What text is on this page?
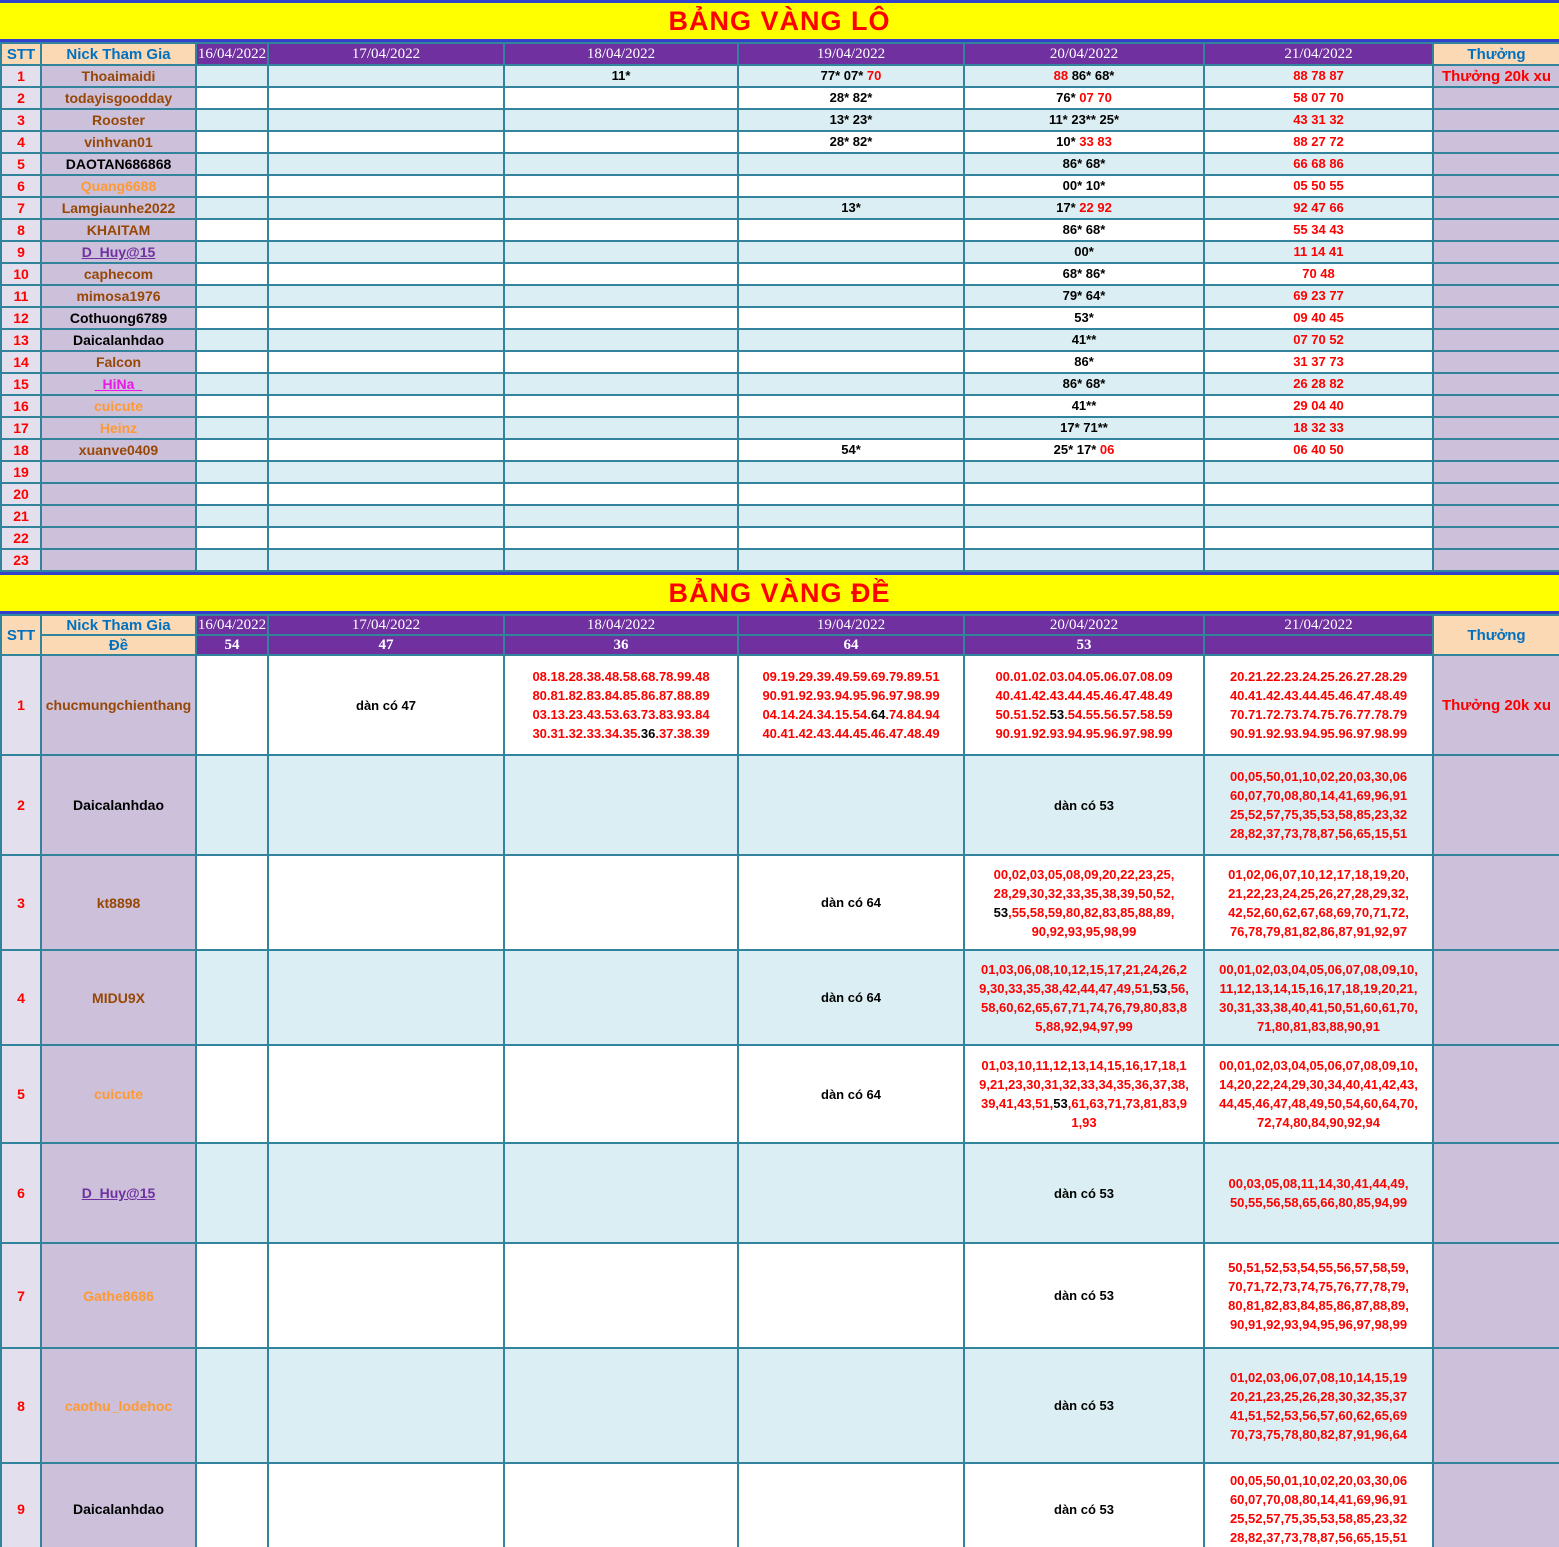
BẢNG VÀNG LÔ
STT	Nick Tham Gia	16/04/2022	17/04/2022	18/04/2022	19/04/2022	20/04/2022	21/04/2022	Thưởng
1	Thoaimaidi			11*	77* 07* 70	88 86* 68*	88 78 87	Thưởng 20k xu
2	todayisgoodday				28* 82*	76* 07 70	58 07 70	
3	Rooster				13* 23*	11* 23** 25*	43 31 32	
4	vinhvan01				28* 82*	10* 33 83	88 27 72	
5	DAOTAN686868					86* 68*	66 68 86	
6	Quang6688					00* 10*	05 50 55	
7	Lamgiaunhe2022				13*	17* 22 92	92 47 66	
8	KHAITAM					86* 68*	55 34 43	
9	D_Huy@15					00*	11 14 41	
10	caphecom					68* 86*	70 48	
11	mimosa1976					79* 64*	69 23 77	
12	Cothuong6789					53*	09 40 45	
13	Daicalanhdao					41**	07 70 52	
14	Falcon					86*	31 37 73	
15	_HiNa_					86* 68*	26 28 82	
16	cuicute					41**	29 04 40	
17	Heinz					17* 71**	18 32 33	
18	xuanve0409				54*	25* 17* 06	06 40 50	
19								
20								
21								
22								
23								
BẢNG VÀNG ĐỀ
STT	Nick Tham Gia	16/04/2022	17/04/2022	18/04/2022	19/04/2022	20/04/2022	21/04/2022	Thưởng
	Đề	54	47	36	64	53		
1	chucmungchienthang		dàn có 47	08.18.28.38.48.58.68.78.99.48
80.81.82.83.84.85.86.87.88.89
03.13.23.43.53.63.73.83.93.84
30.31.32.33.34.35.36.37.38.39	09.19.29.39.49.59.69.79.89.51
90.91.92.93.94.95.96.97.98.99
04.14.24.34.15.54.64.74.84.94
40.41.42.43.44.45.46.47.48.49	00.01.02.03.04.05.06.07.08.09
40.41.42.43.44.45.46.47.48.49
50.51.52.53.54.55.56.57.58.59
90.91.92.93.94.95.96.97.98.99	20.21.22.23.24.25.26.27.28.29
40.41.42.43.44.45.46.47.48.49
70.71.72.73.74.75.76.77.78.79
90.91.92.93.94.95.96.97.98.99	Thưởng 20k xu
2	Daicalanhdao					dàn có 53	00,05,50,01,10,02,20,03,30,06
60,07,70,08,80,14,41,69,96,91
25,52,57,75,35,53,58,85,23,32
28,82,37,73,78,87,56,65,15,51	
3	kt8898				dàn có 64	00,02,03,05,08,09,20,22,23,25,
28,29,30,32,33,35,38,39,50,52,
53,55,58,59,80,82,83,85,88,89,
90,92,93,95,98,99	01,02,06,07,10,12,17,18,19,20,
21,22,23,24,25,26,27,28,29,32,
42,52,60,62,67,68,69,70,71,72,
76,78,79,81,82,86,87,91,92,97	
4	MIDU9X				dàn có 64	01,03,06,08,10,12,15,17,21,24,26,2
9,30,33,35,38,42,44,47,49,51,53,56,
58,60,62,65,67,71,74,76,79,80,83,8
5,88,92,94,97,99	00,01,02,03,04,05,06,07,08,09,10,
11,12,13,14,15,16,17,18,19,20,21,
30,31,33,38,40,41,50,51,60,61,70,
71,80,81,83,88,90,91	
5	cuicute				dàn có 64	01,03,10,11,12,13,14,15,16,17,18,1
9,21,23,30,31,32,33,34,35,36,37,38,
39,41,43,51,53,61,63,71,73,81,83,9
1,93	00,01,02,03,04,05,06,07,08,09,10,
14,20,22,24,29,30,34,40,41,42,43,
44,45,46,47,48,49,50,54,60,64,70,
72,74,80,84,90,92,94	
6	D_Huy@15					dàn có 53	00,03,05,08,11,14,30,41,44,49,
50,55,56,58,65,66,80,85,94,99	
7	Gathe8686					dàn có 53	50,51,52,53,54,55,56,57,58,59,
70,71,72,73,74,75,76,77,78,79,
80,81,82,83,84,85,86,87,88,89,
90,91,92,93,94,95,96,97,98,99	
8	caothu_lodehoc					dàn có 53	01,02,03,06,07,08,10,14,15,19
20,21,23,25,26,28,30,32,35,37
41,51,52,53,56,57,60,62,65,69
70,73,75,78,80,82,87,91,96,64	
9	Daicalanhdao					dàn có 53	00,05,50,01,10,02,20,03,30,06
60,07,70,08,80,14,41,69,96,91
25,52,57,75,35,53,58,85,23,32
28,82,37,73,78,87,56,65,15,51	
